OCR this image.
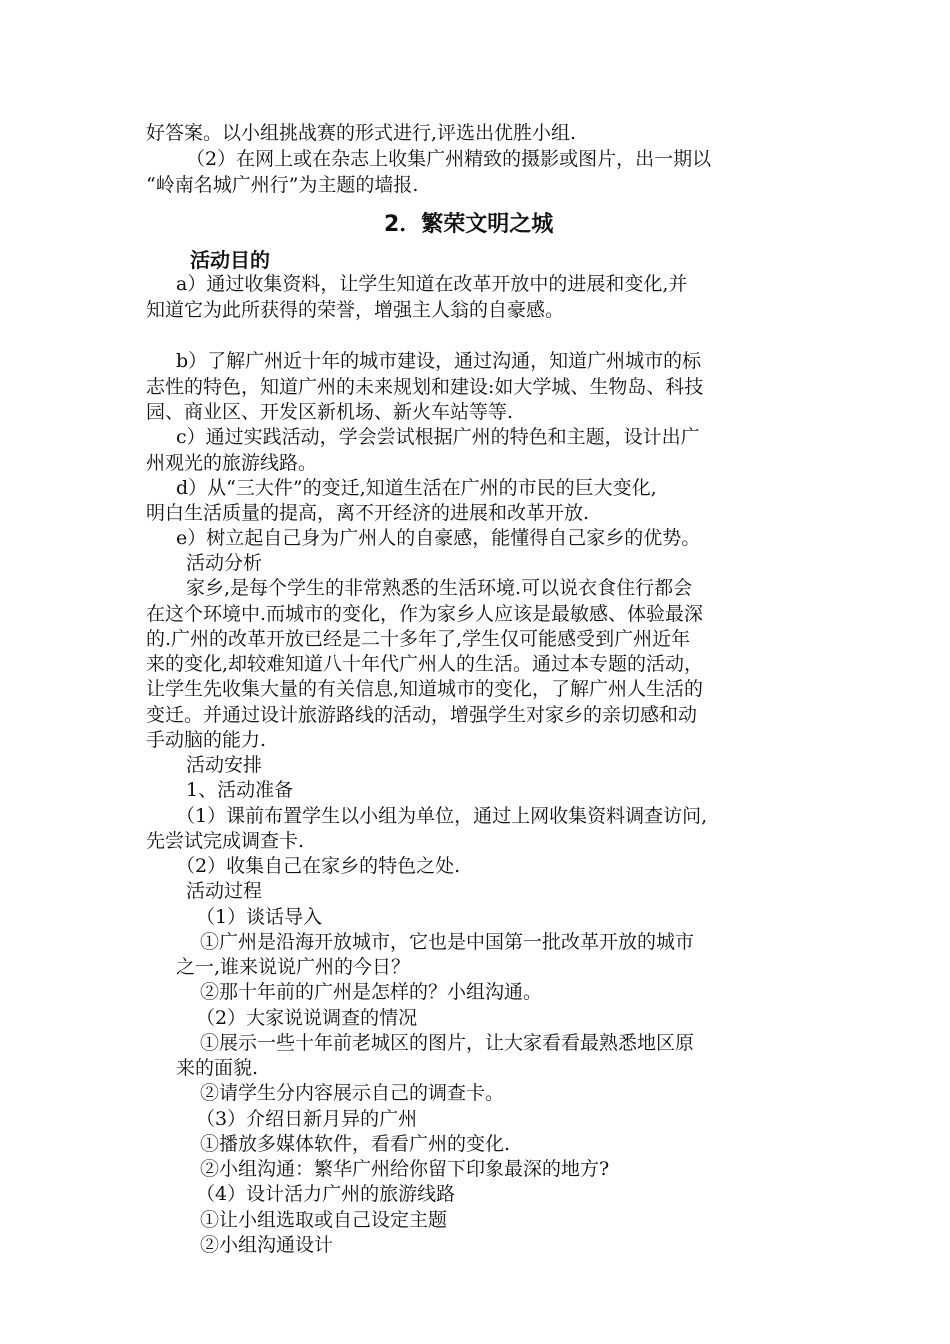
好答案。以小组挑战赛的形式进行,评选出优胜小组.
（2）在网上或在杂志上收集广州精致的摄影或图片，出一期以
“岭南名城广州行”为主题的墙报.
2．繁荣文明之城
活动目的
a）通过收集资料，让学生知道在改革开放中的进展和变化,并
知道它为此所获得的荣誉，增强主人翁的自豪感。
b）了解广州近十年的城市建设，通过沟通，知道广州城市的标
志性的特色，知道广州的未来规划和建设:如大学城、生物岛、科技
园、商业区、开发区新机场、新火车站等等.
c）通过实践活动，学会尝试根据广州的特色和主题，设计出广
州观光的旅游线路。
d）从“三大件”的变迁,知道生活在广州的市民的巨大变化,
明白生活质量的提高，离不开经济的进展和改革开放.
e）树立起自己身为广州人的自豪感，能懂得自己家乡的优势。
活动分析
家乡,是每个学生的非常熟悉的生活环境.可以说衣食住行都会
在这个环境中.而城市的变化，作为家乡人应该是最敏感、体验最深
的.广州的改革开放已经是二十多年了,学生仅可能感受到广州近年
来的变化,却较难知道八十年代广州人的生活。通过本专题的活动，
让学生先收集大量的有关信息,知道城市的变化，了解广州人生活的
变迁。并通过设计旅游路线的活动，增强学生对家乡的亲切感和动
手动脑的能力.
活动安排
1、活动准备
（1）课前布置学生以小组为单位，通过上网收集资料调查访问,
先尝试完成调查卡.
（2）收集自己在家乡的特色之处.
活动过程
（1）谈话导入
①广州是沿海开放城市，它也是中国第一批改革开放的城市
之一,谁来说说广州的今日？
②那十年前的广州是怎样的？小组沟通。
（2）大家说说调查的情况
①展示一些十年前老城区的图片，让大家看看最熟悉地区原
来的面貌.
②请学生分内容展示自己的调查卡。
（3）介绍日新月异的广州
①播放多媒体软件，看看广州的变化.
②小组沟通：繁华广州给你留下印象最深的地方?
（4）设计活力广州的旅游线路
①让小组选取或自己设定主题
②小组沟通设计
